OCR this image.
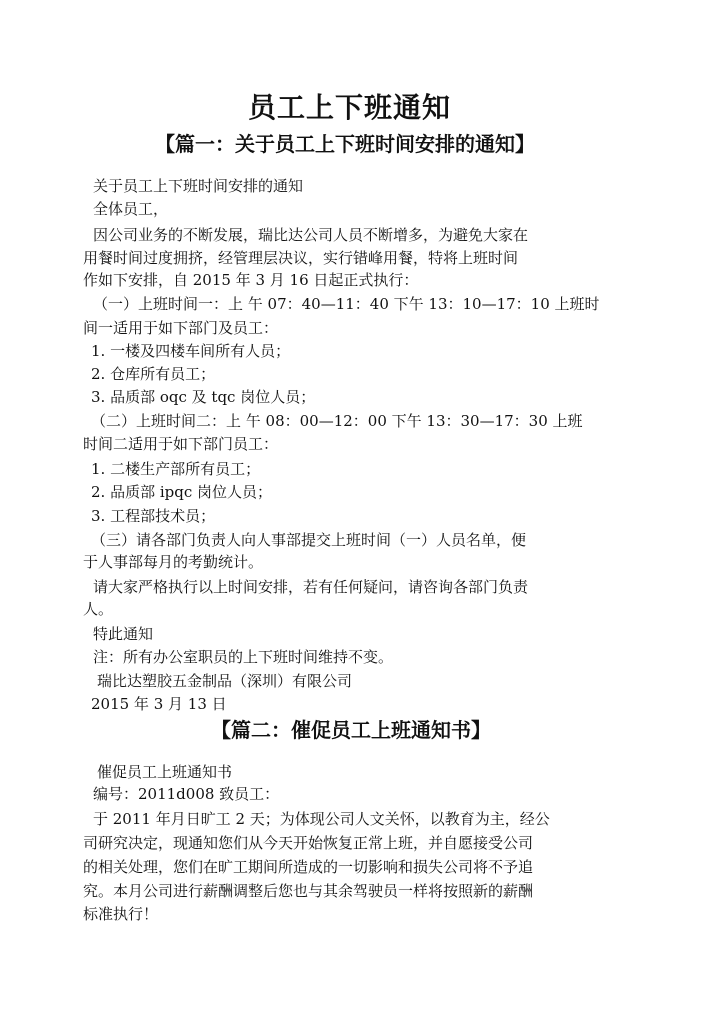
员工上下班通知
【篇一：关于员工上下班时间安排的通知】

关于员工上下班时间安排的通知

全体员工，

因公司业务的不断发展，瑞比达公司人员不断增多，为避免大家在

用餐时间过度拥挤，经管理层决议，实行错峰用餐，特将上班时间

作如下安排，自 2015 年 3 月 16 日起正式执行：

（一）上班时间一：上 午 07：40—11：40 下午 13：10—17：10 上班时

间一适用于如下部门及员工：

1. 一楼及四楼车间所有人员；

2. 仓库所有员工；

3. 品质部 oqc 及 tqc 岗位人员；

（二）上班时间二：上 午 08：00—12：00 下午 13：30—17：30 上班

时间二适用于如下部门员工：

1. 二楼生产部所有员工；

2. 品质部 ipqc 岗位人员；

3. 工程部技术员；

（三）请各部门负责人向人事部提交上班时间（一）人员名单，便

于人事部每月的考勤统计。

请大家严格执行以上时间安排，若有任何疑问，请咨询各部门负责

人。

特此通知

注：所有办公室职员的上下班时间维持不变。

瑞比达塑胶五金制品（深圳）有限公司

2015 年 3 月 13 日

【篇二：催促员工上班通知书】

催促员工上班通知书

编号：2011d008 致员工：

于 2011 年月日旷工 2 天；为体现公司人文关怀，以教育为主，经公

司研究决定，现通知您们从今天开始恢复正常上班，并自愿接受公司

的相关处理，您们在旷工期间所造成的一切影响和损失公司将不予追

究。本月公司进行薪酬调整后您也与其余驾驶员一样将按照新的薪酬

标准执行！
